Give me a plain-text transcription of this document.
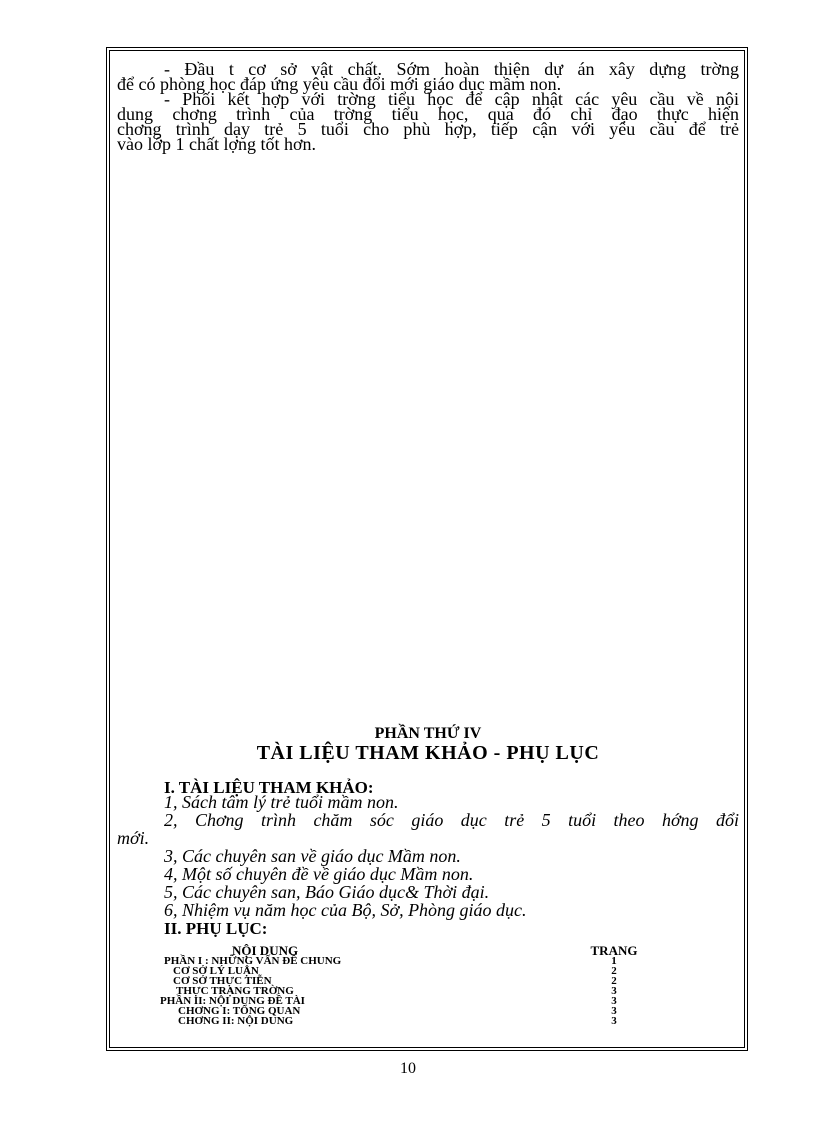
- Đầu t cơ sở vật chất. Sớm hoàn thiện dự án xây dựng trờng

để có phòng học đáp ứng yêu cầu đổi mới giáo dục mầm non.

- Phối kết hợp với trờng tiểu học để cập nhật các yêu cầu về nội

dung chơng trình của trờng tiểu học, qua đó chỉ đạo thực hiện

chơng trình dạy trẻ 5 tuổi cho phù hợp, tiếp cận với yêu cầu để trẻ

vào lớp 1 chất lợng tốt hơn.

PHẦN THỨ IV

TÀI LIỆU THAM KHẢO - PHỤ LỤC

I. TÀI LIỆU THAM KHẢO:

1, Sách tâm lý trẻ tuổi mầm non.

2, Chơng trình chăm sóc giáo dục trẻ 5 tuổi theo hớng đổi

mới.

3, Các chuyên san về giáo dục Mầm non.

4, Một số chuyên đề về giáo dục Mầm non.

5, Các chuyên san, Báo Giáo dục& Thời đại.

6, Nhiệm vụ năm học của Bộ, Sở, Phòng giáo dục.

II. PHỤ LỤC:

NỘI DUNG	TRANG
PHẦN I : NHỮNG VẤN ĐỀ CHUNG	1
CƠ SỞ LÝ LUẬN	2
CƠ SỞ THỰC TIỄN	2
THỰC TRẠNG TRỜNG	3
PHẦN II: NỘI DUNG ĐỀ TÀI	3
CHƠNG I: TỔNG QUAN	3
CHƠNG II: NỘI DUNG	3
10
